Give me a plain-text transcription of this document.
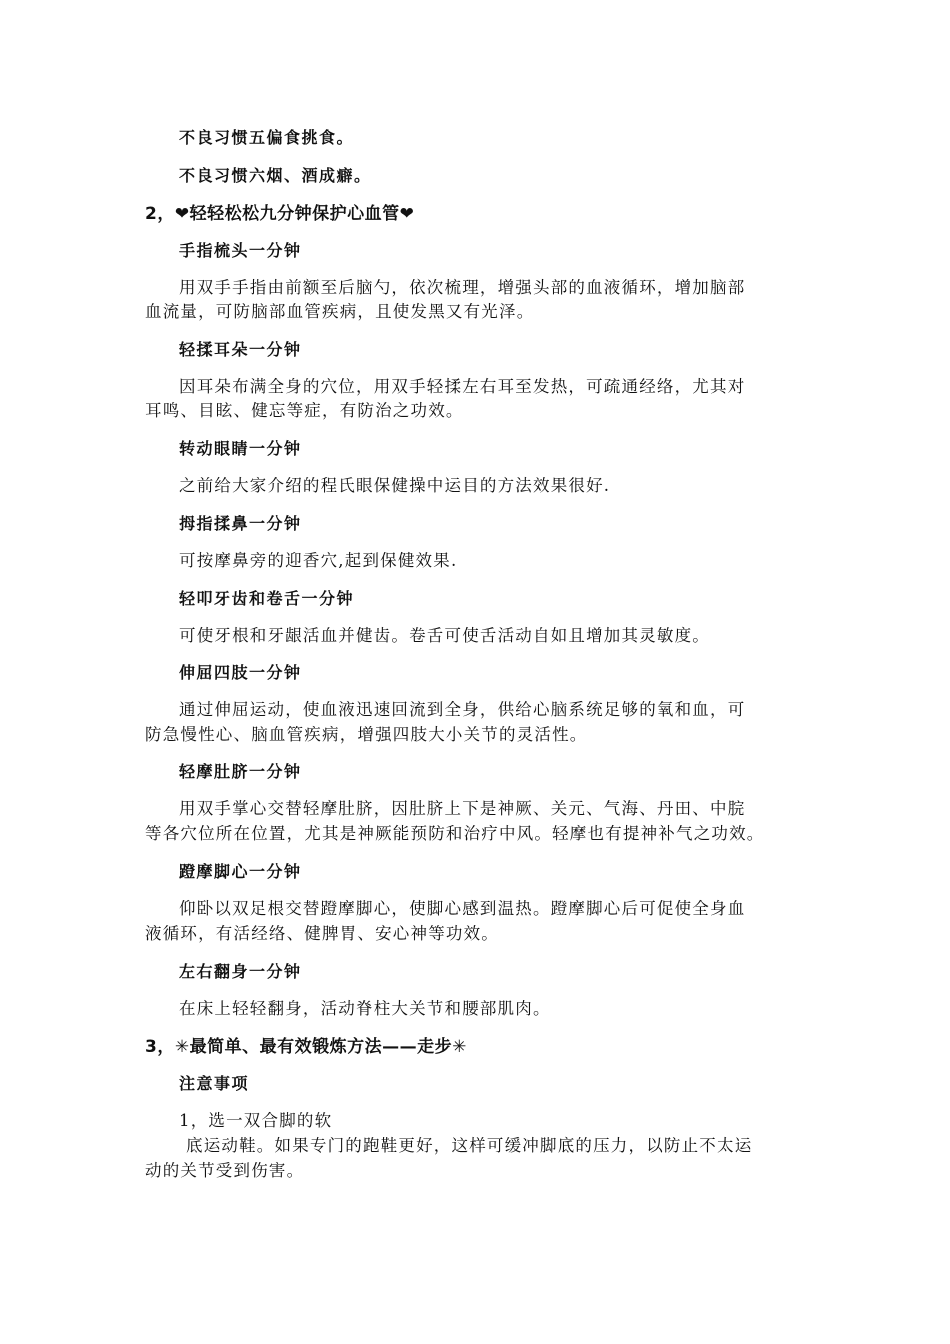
不良习惯五偏食挑食。
不良习惯六烟、酒成癖。
2，❤轻轻松松九分钟保护心血管❤
手指梳头一分钟
用双手手指由前额至后脑勺，依次梳理，增强头部的血液循环，增加脑部
血流量，可防脑部血管疾病，且使发黑又有光泽。
轻揉耳朵一分钟
因耳朵布满全身的穴位，用双手轻揉左右耳至发热，可疏通经络，尤其对
耳鸣、目眩、健忘等症，有防治之功效。
转动眼睛一分钟
之前给大家介绍的程氏眼保健操中运目的方法效果很好.
拇指揉鼻一分钟
可按摩鼻旁的迎香穴,起到保健效果.
轻叩牙齿和卷舌一分钟
可使牙根和牙龈活血并健齿。卷舌可使舌活动自如且增加其灵敏度。
伸屈四肢一分钟
通过伸屈运动，使血液迅速回流到全身，供给心脑系统足够的氧和血，可
防急慢性心、脑血管疾病，增强四肢大小关节的灵活性。
轻摩肚脐一分钟
用双手掌心交替轻摩肚脐，因肚脐上下是神厥、关元、气海、丹田、中脘
等各穴位所在位置，尤其是神厥能预防和治疗中风。轻摩也有提神补气之功效。
蹬摩脚心一分钟
仰卧以双足根交替蹬摩脚心，使脚心感到温热。蹬摩脚心后可促使全身血
液循环，有活经络、健脾胃、安心神等功效。
左右翻身一分钟
在床上轻轻翻身，活动脊柱大关节和腰部肌肉。
3，✳最简单、最有效锻炼方法——走步✳
注意事项
1，选一双合脚的软
底运动鞋。如果专门的跑鞋更好，这样可缓冲脚底的压力，以防止不太运
动的关节受到伤害。
